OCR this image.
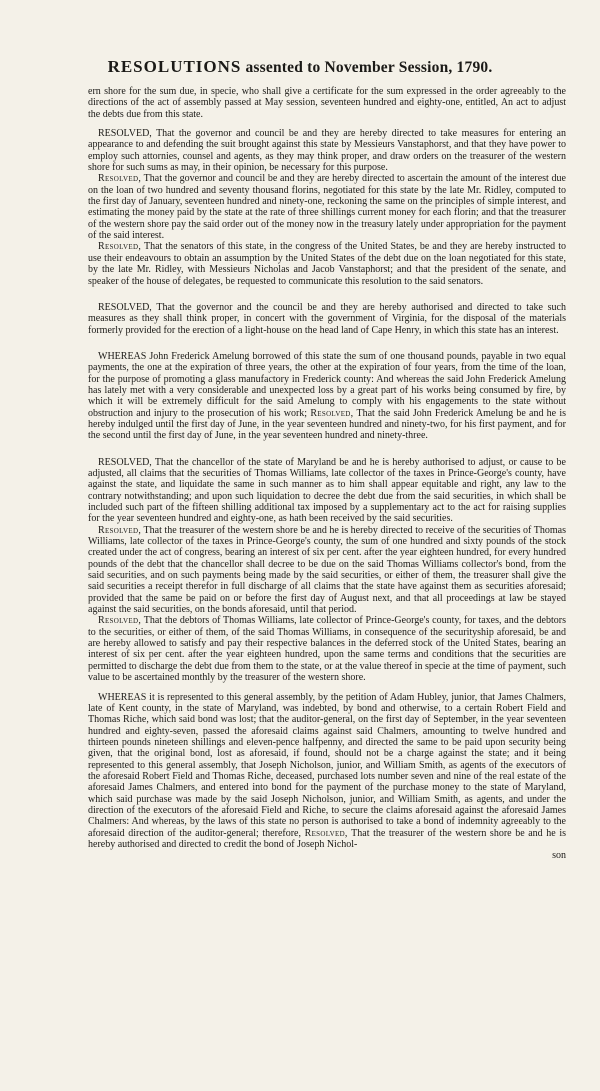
RESOLUTIONS assented to November Session, 1790.

ern shore for the sum due, in specie, who shall give a certificate for the sum expressed in the order agreeably to the directions of the act of assembly passed at May session, seventeen hundred and eighty-one, entitled, An act to adjust the debts due from this state.

RESOLVED, That the governor and council be and they are hereby directed to take measures for entering an appearance to and defending the suit brought against this state by Messieurs Vanstaphorst, and that they have power to employ such attornies, counsel and agents, as they may think proper, and draw orders on the treasurer of the western shore for such sums as may, in their opinion, be necessary for this purpose.

Resolved, That the governor and council be and they are hereby directed to ascertain the amount of the interest due on the loan of two hundred and seventy thousand florins, negotiated for this state by the late Mr. Ridley, computed to the first day of January, seventeen hundred and ninety-one, reckoning the same on the principles of simple interest, and estimating the money paid by the state at the rate of three shillings current money for each florin; and that the treasurer of the western shore pay the said order out of the money now in the treasury lately under appropriation for the payment of the said interest.

Resolved, That the senators of this state, in the congress of the United States, be and they are hereby instructed to use their endeavours to obtain an assumption by the United States of the debt due on the loan negotiated for this state, by the late Mr. Ridley, with Messieurs Nicholas and Jacob Vanstaphorst; and that the president of the senate, and speaker of the house of delegates, be requested to communicate this resolution to the said senators.

RESOLVED, That the governor and the council be and they are hereby authorised and directed to take such measures as they shall think proper, in concert with the government of Virginia, for the disposal of the materials formerly provided for the erection of a light-house on the head land of Cape Henry, in which this state has an interest.

WHEREAS John Frederick Amelung borrowed of this state the sum of one thousand pounds, payable in two equal payments, the one at the expiration of three years, the other at the expiration of four years, from the time of the loan, for the purpose of promoting a glass manufactory in Frederick county: And whereas the said John Frederick Amelung has lately met with a very considerable and unexpected loss by a great part of his works being consumed by fire, by which it will be extremely difficult for the said Amelung to comply with his engagements to the state without obstruction and injury to the prosecution of his work; Resolved, That the said John Frederick Amelung be and he is hereby indulged until the first day of June, in the year seventeen hundred and ninety-two, for his first payment, and for the second until the first day of June, in the year seventeen hundred and ninety-three.

RESOLVED, That the chancellor of the state of Maryland be and he is hereby authorised to adjust, or cause to be adjusted, all claims that the securities of Thomas Williams, late collector of the taxes in Prince-George's county, have against the state, and liquidate the same in such manner as to him shall appear equitable and right, any law to the contrary notwithstanding; and upon such liquidation to decree the debt due from the said securities, in which shall be included such part of the fifteen shilling additional tax imposed by a supplementary act to the act for raising supplies for the year seventeen hundred and eighty-one, as hath been received by the said securities.

Resolved, That the treasurer of the western shore be and he is hereby directed to receive of the securities of Thomas Williams, late collector of the taxes in Prince-George's county, the sum of one hundred and sixty pounds of the stock created under the act of congress, bearing an interest of six per cent. after the year eighteen hundred, for every hundred pounds of the debt that the chancellor shall decree to be due on the said Thomas Williams collector's bond, from the said securities, and on such payments being made by the said securities, or either of them, the treasurer shall give the said securities a receipt therefor in full discharge of all claims that the state have against them as securities aforesaid; provided that the same be paid on or before the first day of August next, and that all proceedings at law be stayed against the said securities, on the bonds aforesaid, until that period.

Resolved, That the debtors of Thomas Williams, late collector of Prince-George's county, for taxes, and the debtors to the securities, or either of them, of the said Thomas Williams, in consequence of the securityship aforesaid, be and are hereby allowed to satisfy and pay their respective balances in the deferred stock of the United States, bearing an interest of six per cent. after the year eighteen hundred, upon the same terms and conditions that the securities are permitted to discharge the debt due from them to the state, or at the value thereof in specie at the time of payment, such value to be ascertained monthly by the treasurer of the western shore.

WHEREAS it is represented to this general assembly, by the petition of Adam Hubley, junior, that James Chalmers, late of Kent county, in the state of Maryland, was indebted, by bond and otherwise, to a certain Robert Field and Thomas Riche, which said bond was lost; that the auditor-general, on the first day of September, in the year seventeen hundred and eighty-seven, passed the aforesaid claims against said Chalmers, amounting to twelve hundred and thirteen pounds nineteen shillings and eleven-pence halfpenny, and directed the same to be paid upon security being given, that the original bond, lost as aforesaid, if found, should not be a charge against the state; and it being represented to this general assembly, that Joseph Nicholson, junior, and William Smith, as agents of the executors of the aforesaid Robert Field and Thomas Riche, deceased, purchased lots number seven and nine of the real estate of the aforesaid James Chalmers, and entered into bond for the payment of the purchase money to the state of Maryland, which said purchase was made by the said Joseph Nicholson, junior, and William Smith, as agents, and under the direction of the executors of the aforesaid Field and Riche, to secure the claims aforesaid against the aforesaid James Chalmers: And whereas, by the laws of this state no person is authorised to take a bond of indemnity agreeably to the aforesaid direction of the auditor-general; therefore, Resolved, That the treasurer of the western shore be and he is hereby authorised and directed to credit the bond of Joseph Nichol-

son
